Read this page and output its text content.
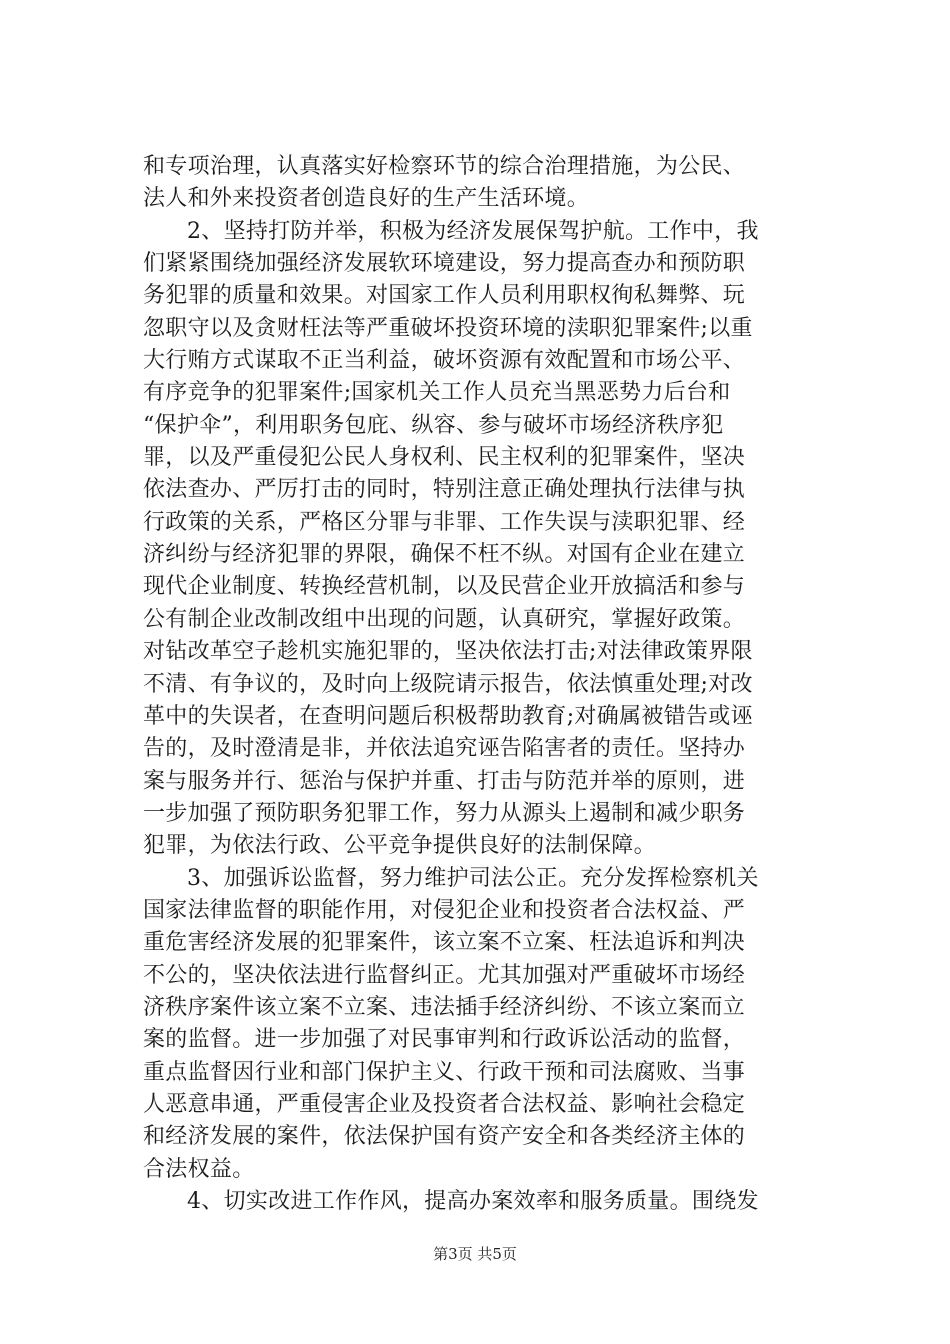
和专项治理，认真落实好检察环节的综合治理措施，为公民、
法人和外来投资者创造良好的生产生活环境。
2、坚持打防并举，积极为经济发展保驾护航。工作中，我
们紧紧围绕加强经济发展软环境建设，努力提高查办和预防职
务犯罪的质量和效果。对国家工作人员利用职权徇私舞弊、玩
忽职守以及贪财枉法等严重破坏投资环境的渎职犯罪案件;以重
大行贿方式谋取不正当利益，破坏资源有效配置和市场公平、
有序竞争的犯罪案件;国家机关工作人员充当黑恶势力后台和
“保护伞”，利用职务包庇、纵容、参与破坏市场经济秩序犯
罪，以及严重侵犯公民人身权利、民主权利的犯罪案件，坚决
依法查办、严厉打击的同时，特别注意正确处理执行法律与执
行政策的关系，严格区分罪与非罪、工作失误与渎职犯罪、经
济纠纷与经济犯罪的界限，确保不枉不纵。对国有企业在建立
现代企业制度、转换经营机制，以及民营企业开放搞活和参与
公有制企业改制改组中出现的问题，认真研究，掌握好政策。
对钻改革空子趁机实施犯罪的，坚决依法打击;对法律政策界限
不清、有争议的，及时向上级院请示报告，依法慎重处理;对改
革中的失误者，在查明问题后积极帮助教育;对确属被错告或诬
告的，及时澄清是非，并依法追究诬告陷害者的责任。坚持办
案与服务并行、惩治与保护并重、打击与防范并举的原则，进
一步加强了预防职务犯罪工作，努力从源头上遏制和减少职务
犯罪，为依法行政、公平竞争提供良好的法制保障。
3、加强诉讼监督，努力维护司法公正。充分发挥检察机关
国家法律监督的职能作用，对侵犯企业和投资者合法权益、严
重危害经济发展的犯罪案件，该立案不立案、枉法追诉和判决
不公的，坚决依法进行监督纠正。尤其加强对严重破坏市场经
济秩序案件该立案不立案、违法插手经济纠纷、不该立案而立
案的监督。进一步加强了对民事审判和行政诉讼活动的监督，
重点监督因行业和部门保护主义、行政干预和司法腐败、当事
人恶意串通，严重侵害企业及投资者合法权益、影响社会稳定
和经济发展的案件，依法保护国有资产安全和各类经济主体的
合法权益。
4、切实改进工作作风，提高办案效率和服务质量。围绕发
第3页 共5页
